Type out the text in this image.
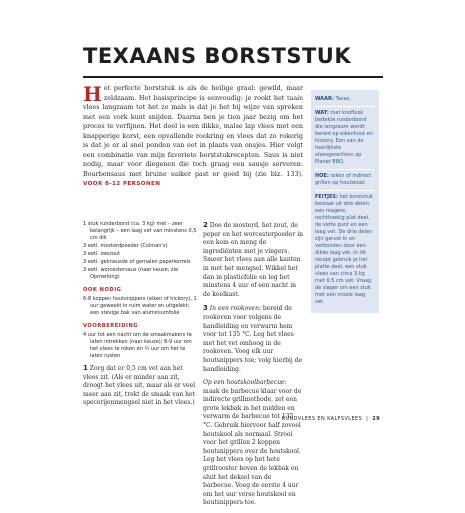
TEXAANS BORSTSTUK
Het perfecte borststuk is als de heilige graal: gewild, maar zeldzaam. Het basisprincipe is eenvoudig: je rookt het taaie vlees langzaam tot het zo mals is dat je het bij wijze van spreken met een vork kunt snijden. Daarna ben je tien jaar bezig om het proces te verfijnen. Het doel is een dikke, malse lap vlees met een knapperige korst, een opvallende rookring en vlees dat zo rokerig is dat je er al snel ponden van eet in plaats van onsjes. Hier volgt een combinatie van mijn favoriete borststukrecepten. Saus is niet nodig, maar voor diegenen die toch graag een sausje serveren: Bourbonsaus met bruine suiker past er goed bij (zie blz. 133). VOOR 8-12 PERSONEN
WAAR: Texas.
WAT: met knoflook bedekte runderborst die langzaam wordt bereid op eikenhout en hickory. Een van de heerlijkste vleesgerechten op Planet BBQ.
HOE: roken of indirect grillen op houtskool.
FEITJES: het borststuk bestaat uit drie delen: een magere, rechthoekig plat deel, de vette punt en een laag vet. De drie delen zijn gerust in en verbonden door een dikke laag vet. In dit recept gebruik je het platte deel, een stuk vlees van circa 3 kg met 0,5 cm vet. Vraag de slager om een stuk met een mooie laag vet.
1 stuk runderborst (ca. 3 kg) met – zeer belangrijk – een laag vet van minstens 0,5 cm dik
3 eetl. mosterdpoeder (Colman's)
3 eetl. zeezout
3 eetl. gekneusde of gemalen peperkorrels
3 eetl. worcestersaus (naar keuze; zie Opmerking)
OOK NODIG
6-8 koppen houtsnippers (eiken of hickory), 1 uur geweekt in ruim water en uitgelekt; een stevige bak van aluminiumfolie
VOORBEREIDING
4 uur tot een nacht om de smaakmakers te laten intrekken (naar keuze); 8-9 uur om het vlees te roken en ½ uur om het te laten rusten
1 Zorg dat er 0,5 cm vet aan het vlees zit. (Als er minder aan zit, droogt het vlees uit, maar als er veel meer aan zit, trekt de smaak van het specerijenmengsel niet in het vlees.)

2 Doe de mosterd, het zout, de peper en het worcesterpoeder in een kom en meng de ingrediënten met je vingers. Smeer het vlees aan alle kanten in met het mengsel. Wikkel het dan in plasticfolie en leg het minstens 4 uur of een nacht in de koelkast.

3 In een rookoven: bereid de rookoven voor volgens de handleiding en verwarm hem voor tot 135 °C. Leg het vlees met het vet omhoog in de rookoven. Voeg elk uur houtsnippers toe; volg hierbij de handleiding.

Op een houtskoolbarbecue: maak de barbecue klaar voor de indirecte grillmethode, zet een grote lekbak in het midden en verwarm de barbecue tot 135 °C. Gebruik hiervoor half zoveel houtskool als normaal. Strooi voor het grillen 2 koppen houtsnippers over de houtskool. Leg het vlees op het hete grillrooster boven de lekbak en sluit het deksel van de barbecue. Voeg de eerste 4 uur om het uur verse houtskool en houtsnippers toe.

RUNDVLEES EN KALFSVLEES | 29
